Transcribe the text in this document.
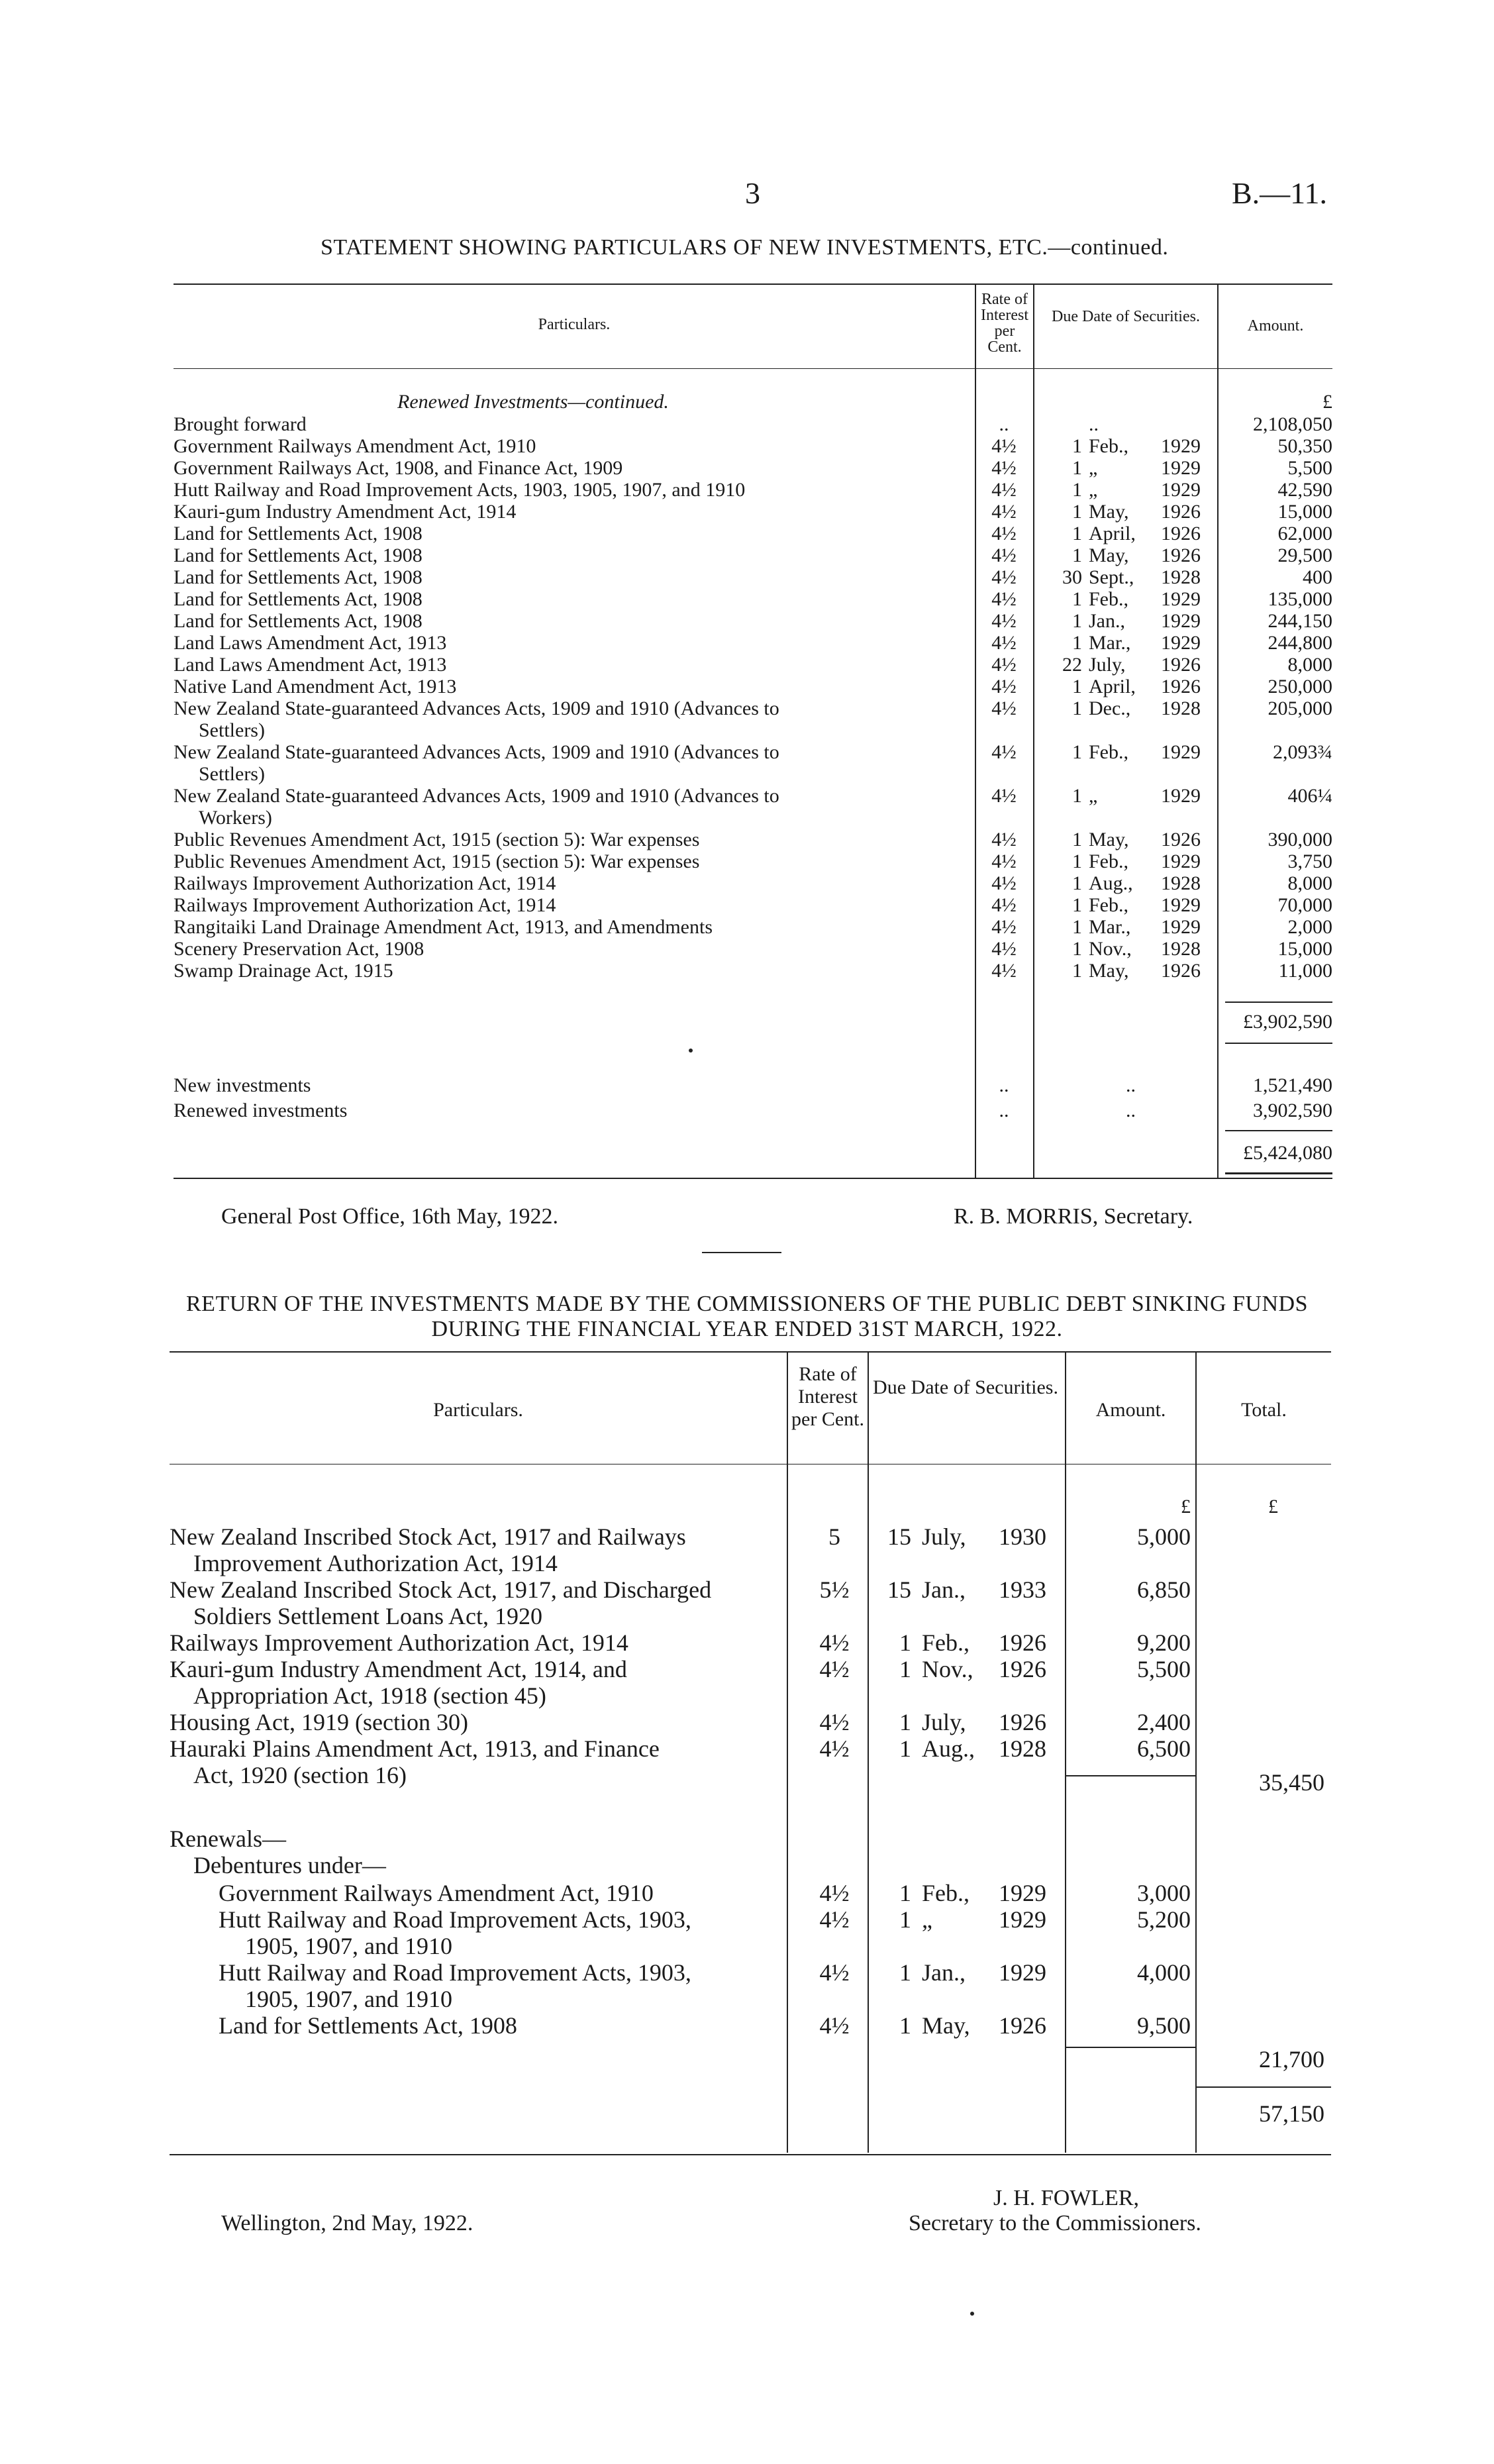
3	B.—11.
STATEMENT SHOWING PARTICULARS OF NEW INVESTMENTS, ETC.—continued.
Particulars.
Rate of Interest per Cent.
Due Date of Securities.
Amount.
Renewed Investments—continued.	£
Brought forward	..	..	2,108,050
Government Railways Amendment Act, 1910	4½	1 Feb., 1929	50,350
Government Railways Act, 1908, and Finance Act, 1909	4½	1 „	1929	5,500
Hutt Railway and Road Improvement Acts, 1903, 1905, 1907, and 1910	4½	1 „	1929	42,590
Kauri-gum Industry Amendment Act, 1914	4½	1 May, 1926	15,000
Land for Settlements Act, 1908	4½	1 April, 1926	62,000
Land for Settlements Act, 1908	4½	1 May, 1926	29,500
Land for Settlements Act, 1908	4½	30 Sept., 1928	400
Land for Settlements Act, 1908	4½	1 Feb., 1929	135,000
Land for Settlements Act, 1908	4½	1 Jan., 1929	244,150
Land Laws Amendment Act, 1913	4½	1 Mar., 1929	244,800
Land Laws Amendment Act, 1913	4½	22 July, 1926	8,000
Native Land Amendment Act, 1913	4½	1 April, 1926	250,000
New Zealand State-guaranteed Advances Acts, 1909 and 1910 (Advances to	4½	1 Dec., 1928	205,000
Settlers)
New Zealand State-guaranteed Advances Acts, 1909 and 1910 (Advances to	4½	1 Feb., 1929	2,093¾
Settlers)
New Zealand State-guaranteed Advances Acts, 1909 and 1910 (Advances to	4½	1 „	1929	406¼
Workers)
Public Revenues Amendment Act, 1915 (section 5): War expenses	4½	1 May, 1926	390,000
Public Revenues Amendment Act, 1915 (section 5): War expenses	4½	1 Feb., 1929	3,750
Railways Improvement Authorization Act, 1914	4½	1 Aug., 1928	8,000
Railways Improvement Authorization Act, 1914	4½	1 Feb., 1929	70,000
Rangitaiki Land Drainage Amendment Act, 1913, and Amendments	4½	1 Mar., 1929	2,000
Scenery Preservation Act, 1908	4½	1 Nov., 1928	15,000
Swamp Drainage Act, 1915	4½	1 May, 1926	11,000
£3,902,590
New investments	..	..	1,521,490
Renewed investments	..	..	3,902,590
£5,424,080
General Post Office, 16th May, 1922.	R. B. MORRIS, Secretary.
RETURN OF THE INVESTMENTS MADE BY THE COMMISSIONERS OF THE PUBLIC DEBT SINKING FUNDS
DURING THE FINANCIAL YEAR ENDED 31ST MARCH, 1922.
Particulars.
Rate of Interest per Cent.
Due Date of Securities.
Amount.	Total.
£	£
New Zealand Inscribed Stock Act, 1917 and Railways	5	15 July, 1930	5,000
Improvement Authorization Act, 1914
New Zealand Inscribed Stock Act, 1917, and Discharged	5½	15 Jan., 1933	6,850
Soldiers Settlement Loans Act, 1920
Railways Improvement Authorization Act, 1914	4½	1 Feb., 1926	9,200
Kauri-gum Industry Amendment Act, 1914, and	4½	1 Nov., 1926	5,500
Appropriation Act, 1918 (section 45)
Housing Act, 1919 (section 30)	4½	1 July, 1926	2,400
Hauraki Plains Amendment Act, 1913, and Finance	4½	1 Aug., 1928	6,500
Act, 1920 (section 16)	35,450
Renewals—
Debentures under—
Government Railways Amendment Act, 1910	4½	1 Feb., 1929	3,000
Hutt Railway and Road Improvement Acts, 1903,	4½	1 „	1929	5,200
1905, 1907, and 1910
Hutt Railway and Road Improvement Acts, 1903,	4½	1 Jan., 1929	4,000
1905, 1907, and 1910
Land for Settlements Act, 1908	4½	1 May, 1926	9,500
21,700
57,150
J. H. FOWLER,
Wellington, 2nd May, 1922.	Secretary to the Commissioners.
